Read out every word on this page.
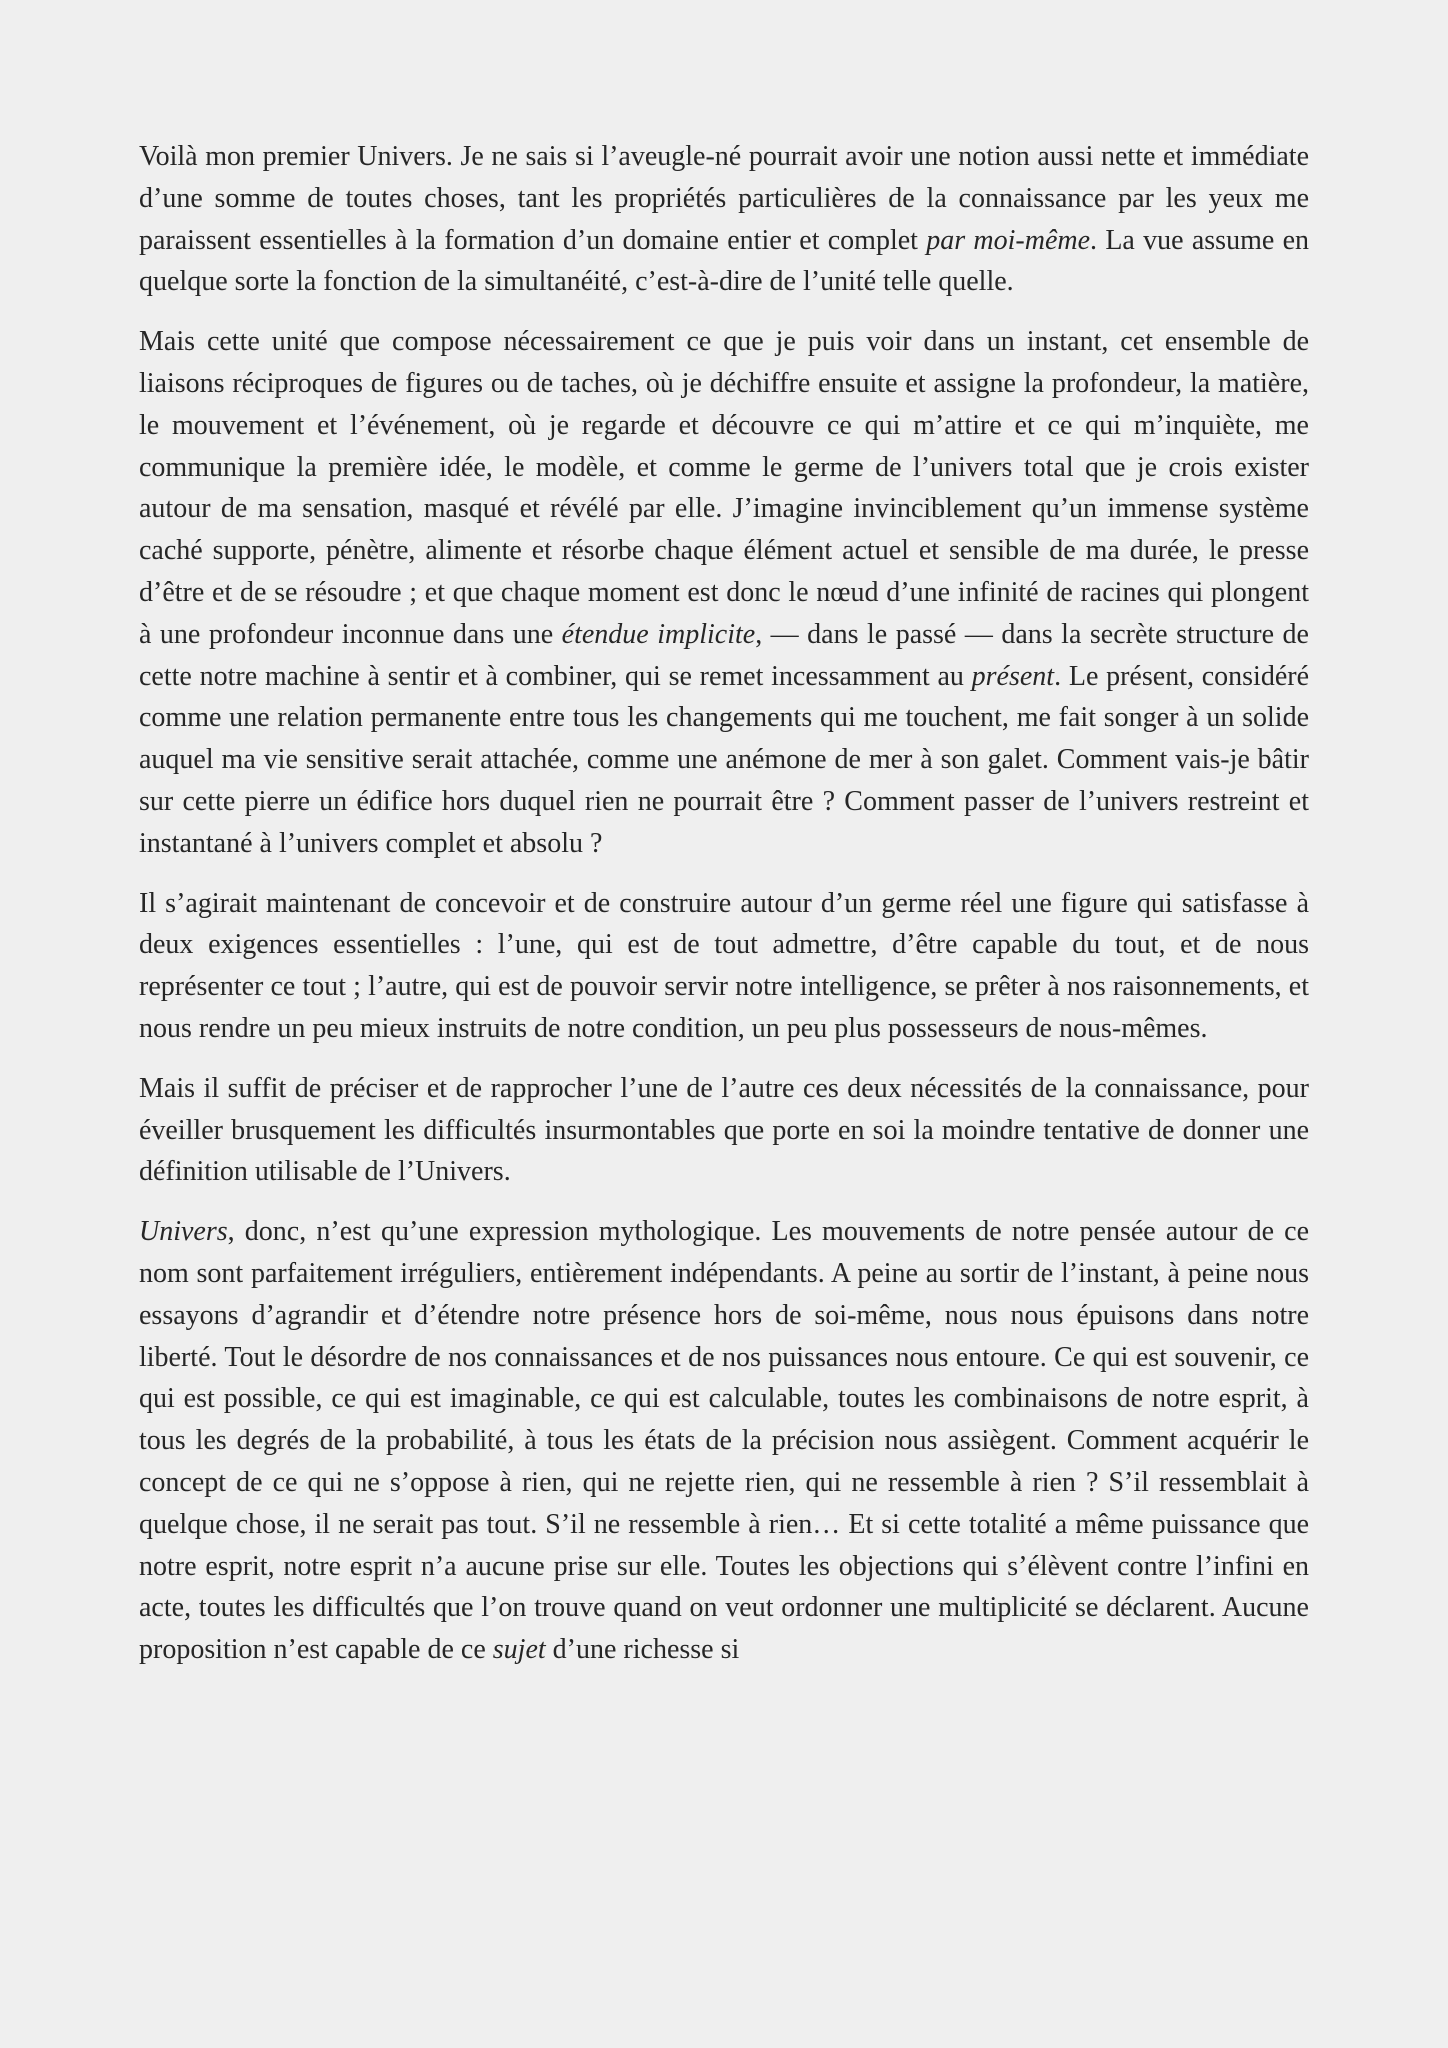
Voilà mon premier Univers. Je ne sais si l’aveugle-né pourrait avoir une notion aussi nette et immédiate d’une somme de toutes choses, tant les propriétés particulières de la connaissance par les yeux me paraissent essentielles à la formation d’un domaine entier et complet par moi-même. La vue assume en quelque sorte la fonction de la simultanéité, c’est-à-dire de l’unité telle quelle.

Mais cette unité que compose nécessairement ce que je puis voir dans un instant, cet ensemble de liaisons réciproques de figures ou de taches, où je déchiffre ensuite et assigne la profondeur, la matière, le mouvement et l’événement, où je regarde et découvre ce qui m’attire et ce qui m’inquiète, me communique la première idée, le modèle, et comme le germe de l’univers total que je crois exister autour de ma sensation, masqué et révélé par elle. J’imagine invinciblement qu’un immense système caché supporte, pénètre, alimente et résorbe chaque élément actuel et sensible de ma durée, le presse d’être et de se résoudre ; et que chaque moment est donc le nœud d’une infinité de racines qui plongent à une profondeur inconnue dans une étendue implicite, — dans le passé — dans la secrète structure de cette notre machine à sentir et à combiner, qui se remet incessamment au présent. Le présent, considéré comme une relation permanente entre tous les changements qui me touchent, me fait songer à un solide auquel ma vie sensitive serait attachée, comme une anémone de mer à son galet. Comment vais-je bâtir sur cette pierre un édifice hors duquel rien ne pourrait être ? Comment passer de l’univers restreint et instantané à l’univers complet et absolu ?

Il s’agirait maintenant de concevoir et de construire autour d’un germe réel une figure qui satisfasse à deux exigences essentielles : l’une, qui est de tout admettre, d’être capable du tout, et de nous représenter ce tout ; l’autre, qui est de pouvoir servir notre intelligence, se prêter à nos raisonnements, et nous rendre un peu mieux instruits de notre condition, un peu plus possesseurs de nous-mêmes.

Mais il suffit de préciser et de rapprocher l’une de l’autre ces deux nécessités de la connaissance, pour éveiller brusquement les difficultés insurmontables que porte en soi la moindre tentative de donner une définition utilisable de l’Univers.

Univers, donc, n’est qu’une expression mythologique. Les mouvements de notre pensée autour de ce nom sont parfaitement irréguliers, entièrement indépendants. A peine au sortir de l’instant, à peine nous essayons d’agrandir et d’étendre notre présence hors de soi-même, nous nous épuisons dans notre liberté. Tout le désordre de nos connaissances et de nos puissances nous entoure. Ce qui est souvenir, ce qui est possible, ce qui est imaginable, ce qui est calculable, toutes les combinaisons de notre esprit, à tous les degrés de la probabilité, à tous les états de la précision nous assiègent. Comment acquérir le concept de ce qui ne s’oppose à rien, qui ne rejette rien, qui ne ressemble à rien ? S’il ressemblait à quelque chose, il ne serait pas tout. S’il ne ressemble à rien… Et si cette totalité a même puissance que notre esprit, notre esprit n’a aucune prise sur elle. Toutes les objections qui s’élèvent contre l’infini en acte, toutes les difficultés que l’on trouve quand on veut ordonner une multiplicité se déclarent. Aucune proposition n’est capable de ce sujet d’une richesse si
